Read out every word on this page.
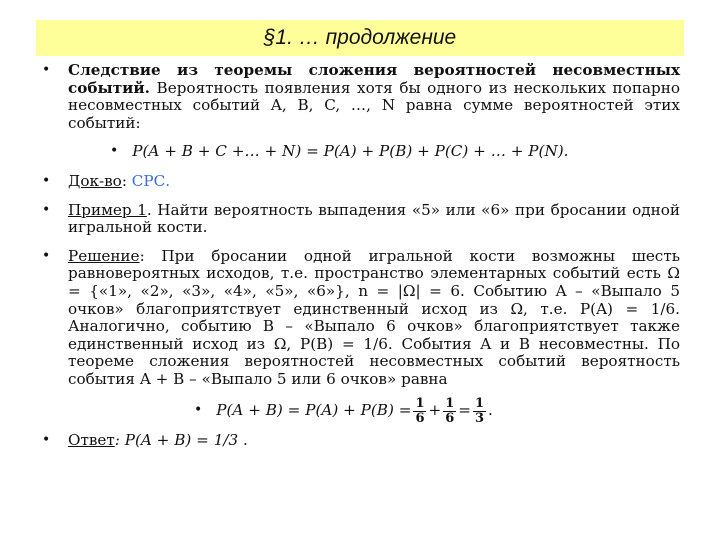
§1. … продолжение
•	Следствие из теоремы сложения вероятностей несовместных событий. Вероятность появления хотя бы одного из нескольких попарно несовместных событий A, B, C, …, N равна сумме вероятностей этих событий:
• P(A + B + C +… + N) = P(A) + P(B) + P(C) + … + P(N).
•	Док-во: СРС.
•	Пример 1. Найти вероятность выпадения «5» или «6» при бросании одной игральной кости.
•	Решение: При бросании одной игральной кости возможны шесть равновероятных исходов, т.е. пространство элементарных событий есть Ω = {«1», «2», «3», «4», «5», «6»}, n = |Ω| = 6. Событию A – «Выпало 5 очков» благоприятствует единственный исход из Ω, т.е. P(A) = 1/6. Аналогично, событию B – «Выпало 6 очков» благоприятствует также единственный исход из Ω, P(B) = 1/6. События A и B несовместны. По теореме сложения вероятностей несовместных событий вероятность события A + B – «Выпало 5 или 6 очков» равна
• $P(A + B) = P(A) + P(B) = \frac{1}{6} + \frac{1}{6} = \frac{1}{3}$ .
•	Ответ: P(A + B) = 1/3 .
